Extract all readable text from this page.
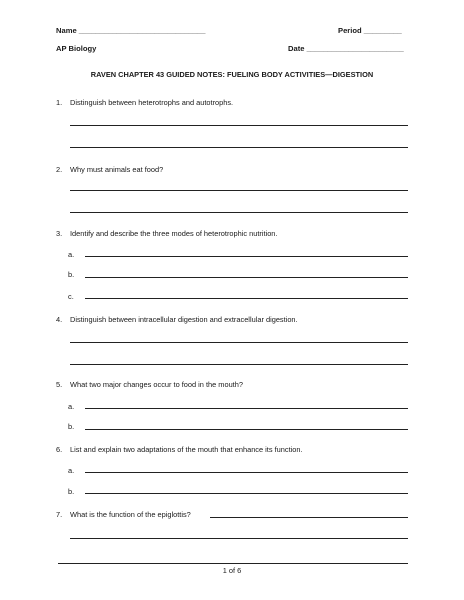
Name ______________________________	Period _________
AP Biology	Date _______________________
RAVEN CHAPTER 43 GUIDED NOTES: FUELING BODY ACTIVITIES—DIGESTION
1. Distinguish between heterotrophs and autotrophs.
2. Why must animals eat food?
3. Identify and describe the three modes of heterotrophic nutrition.
a.
b.
c.
4. Distinguish between intracellular digestion and extracellular digestion.
5. What two major changes occur to food in the mouth?
a.
b.
6. List and explain two adaptations of the mouth that enhance its function.
a.
b.
7. What is the function of the epiglottis?
1 of 6
